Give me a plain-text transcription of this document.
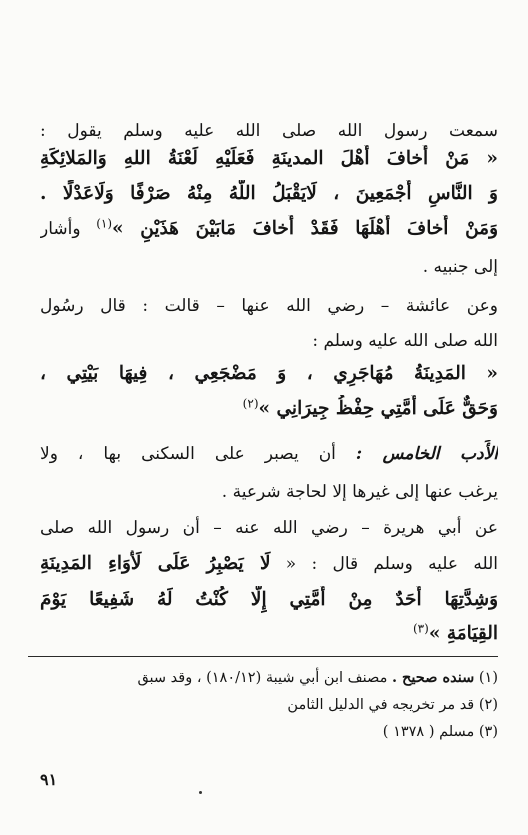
سمعت رسول الله صلى الله عليه وسلم يقول :
« مَنْ أَخافَ أَهْلَ المدينَةِ فَعَلَيْهِ لَعْنَةُ اللهِ وَالمَلائِكَةِ
وَ النَّاسِ أَجْمَعِينَ ، لَايَقْبَلُ اللَّهُ مِنْهُ صَرْفًا وَلَاعَدْلًا .
وَمَنْ أَخافَ أَهْلَهَا فَقَدْ أَخافَ مَابَيْنَ هَذَيْنِ »$^{(١)}$ وأشار
إلى جنبيه .
وعن عائشة – رضي الله عنها – قالت : قال رسُول
الله صلى الله عليه وسلم :
« المَدِينَةُ مُهَاجَرِي ، وَ مَضْجَعِي ، فِيهَا بَيْتِي ،
وَحَقٌّ عَلَى أُمَّتِي حِفْظُ جِيرَانِي »$^{(٢)}$
الأَدب الخامس : أن يصبر على السكنى بها ، ولا
يرغب عنها إلى غيرها إلا لحاجة شرعية .
عن أبي هريرة – رضي الله عنه – أن رسول الله صلى
الله عليه وسلم قال : « لَا يَصْبِرُ عَلَى لَأْوَاءِ المَدِينَةِ
وَشِدَّتِهَا أَحَدٌ مِنْ أُمَّتِي إِلَّا كُنْتُ لَهُ شَفِيعًا يَوْمَ
القِيَامَةِ »$^{(٣)}$
(١) سنده صحيح . مصنف ابن أبي شيبة (١٨٠/١٢) ، وقد سبق
(٢) قد مر تخريجه في الدليل الثامن
(٣) مسلم ( ١٣٧٨ )
٩١
